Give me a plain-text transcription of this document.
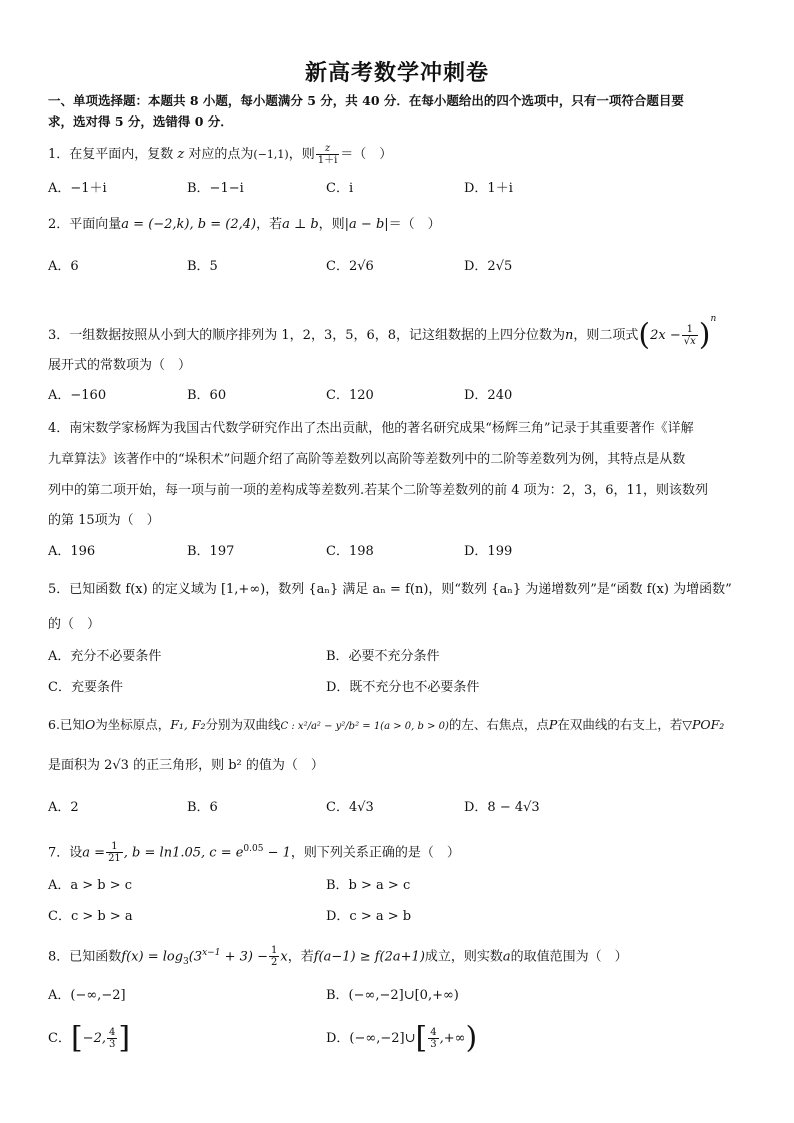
新高考数学冲刺卷
一、单项选择题：本题共 8 小题，每小题满分 5 分，共 40 分．在每小题给出的四个选项中，只有一项符合题目要
求，选对得 5 分，选错得 0 分．
1．在复平面内，复数 z 对应的点为(−1,1)，则 $\frac{z}{1+i}$ ＝（　）
A．−1＋i	B．−1−i	C．i	D．1＋i
2．平面向量a = (−2,k), b = (2,4)，若a ⊥ b，则|a − b|＝（　）
A．6	B．5	C．2√6	D．2√5
3．一组数据按照从小到大的顺序排列为 1，2，3，5，6，8，记这组数据的上四分位数为n，则二项式$(2x - \frac{1}{√x} )^n$
展开式的常数项为（　）
A．−160	B．60	C．120	D．240
4．南宋数学家杨辉为我国古代数学研究作出了杰出贡献，他的著名研究成果“杨辉三角”记录于其重要著作《详解
九章算法》该著作中的“垛积术”问题介绍了高阶等差数列以高阶等差数列中的二阶等差数列为例，其特点是从数
列中的第二项开始，每一项与前一项的差构成等差数列.若某个二阶等差数列的前 4 项为：2，3，6，11，则该数列
的第 15项为（　）
A．196	B．197	C．198	D．199
5．已知函数 f(x) 的定义域为 [1,+∞)，数列 {aₙ} 满足 aₙ = f(n)，则“数列 {aₙ} 为递增数列”是“函数 f(x) 为增函数”
的（　）
A．充分不必要条件	B．必要不充分条件
C．充要条件	D．既不充分也不必要条件
6.已知O为坐标原点，F₁, F₂分别为双曲线C : x²/a² − y²/b² = 1(a > 0, b > 0)的左、右焦点，点P在双曲线的右支上，若▽POF₂
是面积为 2√3 的正三角形，则 b² 的值为（　）
A．2	B．6	C．4√3	D．8 − 4√3
7．设$a = \frac{1}{21}$ , b = ln1.05, $c = e^{0.05} - 1$，则下列关系正确的是（　）
A．a > b > c	B．b > a > c
C．c > b > a	D．c > a > b
8．已知函数$f(x) = \log_3(3^{x-1} + 3) - \frac{1}{2}$ x，若f(a−1) ≥ f(2a+1)成立，则实数a的取值范围为（　）
A．(−∞,−2]	B．(−∞,−2]∪[0,+∞)
C．[−2, $\frac{4}{3}$ ]	D．(−∞,−2]∪[ $\frac{4}{3}$ ,+∞)
